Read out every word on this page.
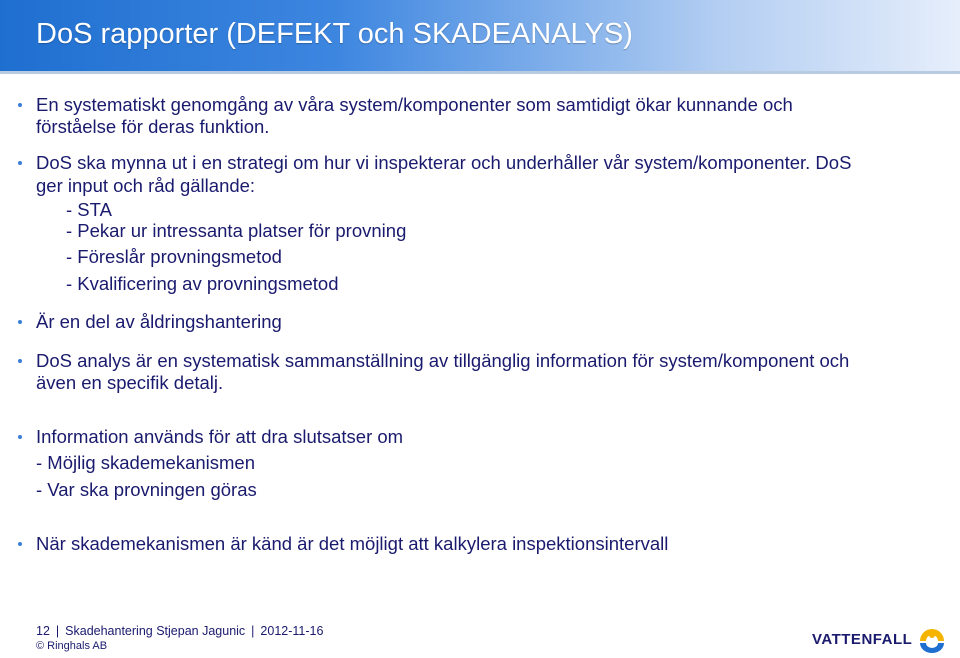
DoS rapporter (DEFEKT och SKADEANALYS)
En systematiskt genomgång av våra system/komponenter som samtidigt ökar kunnande och
förståelse för deras funktion.
DoS ska mynna ut i en strategi om hur vi inspekterar och underhåller vår system/komponenter. DoS
ger input och råd gällande:
- STA
- Pekar ur intressanta platser för provning
- Föreslår provningsmetod
- Kvalificering av provningsmetod
Är en del av åldringshantering
DoS analys är en systematisk sammanställning av tillgänglig information för system/komponent och
även en specifik detalj.
Information används för att dra slutsatser om
- Möjlig skademekanismen
- Var ska provningen göras
När skademekanismen är känd är det möjligt att kalkylera inspektionsintervall
12 | Skadehantering Stjepan Jagunic | 2012-11-16
© Ringhals AB	VATTENFALL
